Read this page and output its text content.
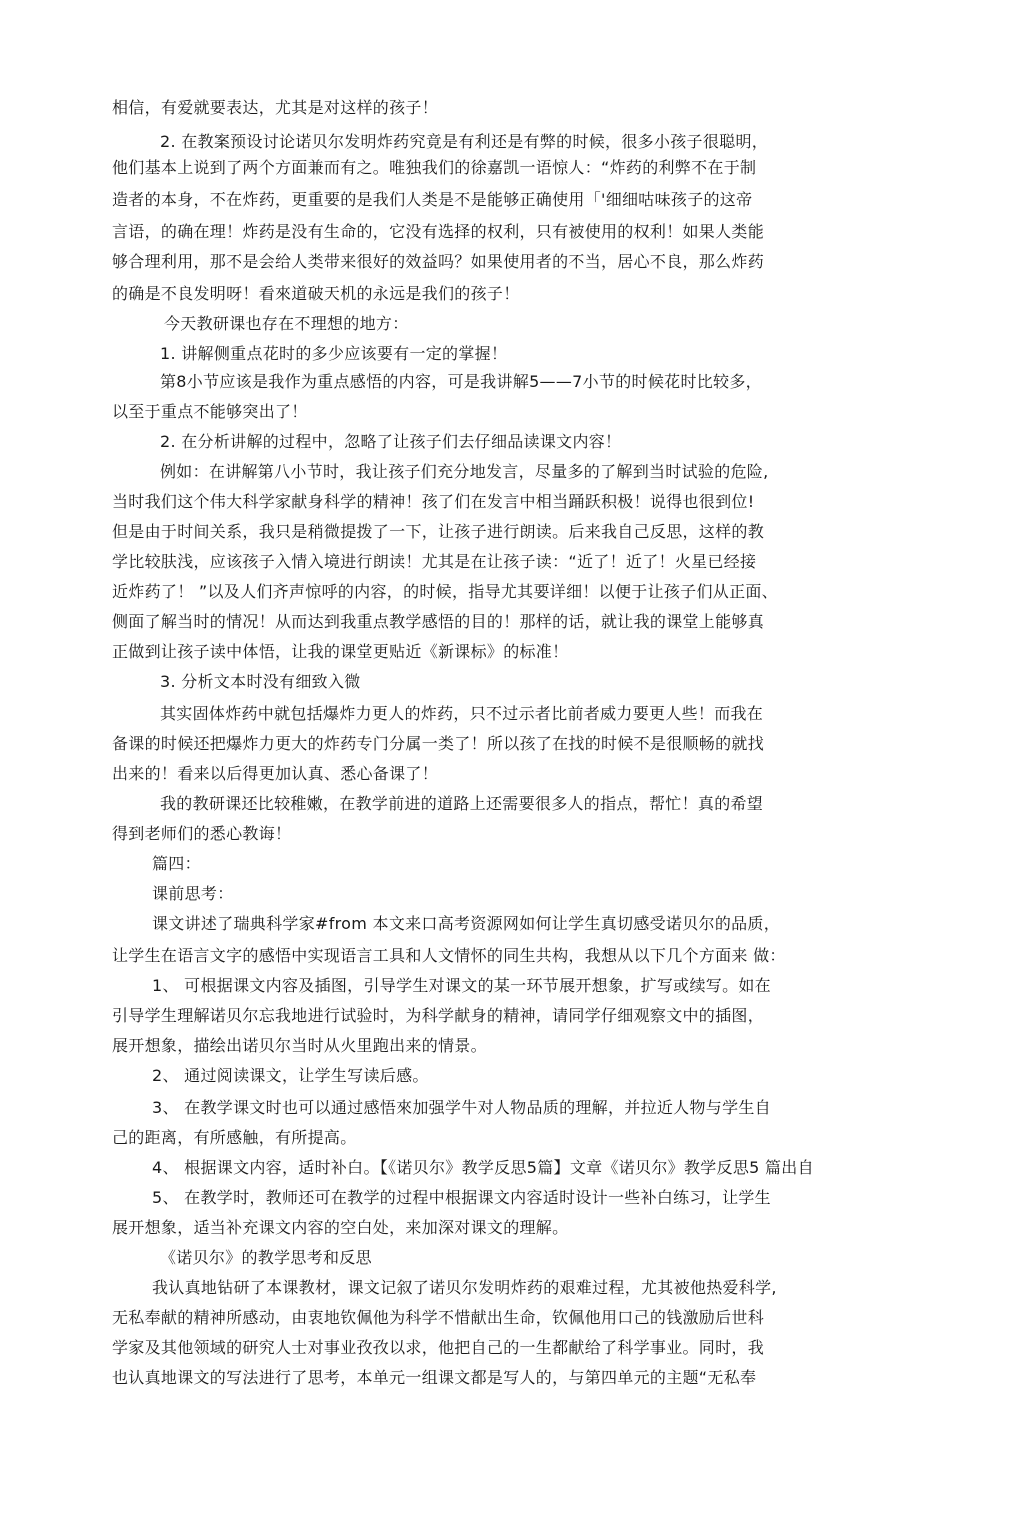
相信，有爱就要表达，尤其是对这样的孩子！
2. 在教案预设讨论诺贝尔发明炸药究竟是有利还是有弊的时候，很多小孩子很聪明，
他们基本上说到了两个方面兼而有之。唯独我们的徐嘉凯一语惊人：“炸药的利弊不在于制
造者的本身，不在炸药，更重要的是我们人类是不是能够正确使用「'细细咕味孩子的这帝
言语，的确在理！炸药是没有生命的，它没有选择的权利，只有被使用的权利！如果人类能
够合理利用，那不是会给人类带来很好的效益吗？如果使用者的不当，居心不良，那么炸药
的确是不良发明呀！看來道破天机的永远是我们的孩子！
今天教研课也存在不理想的地方：
1. 讲解侧重点花时的多少应该要有一定的掌握！
第8小节应该是我作为重点感悟的内容，可是我讲解5——7小节的时候花时比较多，
以至于重点不能够突出了！
2. 在分析讲解的过程中，忽略了让孩子们去仔细品读课文内容！
例如：在讲解第八小节时，我让孩子们充分地发言，尽量多的了解到当时试验的危险,
当时我们这个伟大科学家献身科学的精神！孩了们在发言中相当踊跃积极！说得也很到位!
但是由于时间关系，我只是稍微提拨了一下，让孩子进行朗读。后来我自己反思，这样的教
学比较肤浅，应该孩子入情入境进行朗读！尤其是在让孩子读：“近了！近了！火星已经接
近炸药了！ ”以及人们齐声惊呼的内容，的时候，指导尤其要详细！以便于让孩子们从正面、
侧面了解当时的情况！从而达到我重点教学感悟的目的！那样的话，就让我的课堂上能够真
正做到让孩子读中体悟，让我的课堂更贴近《新课标》的标准！
3. 分析文本时没有细致入微
其实固体炸药中就包括爆炸力更人的炸药，只不过示者比前者威力要更人些！而我在
备课的时候还把爆炸力更大的炸药专门分属一类了！所以孩了在找的时候不是很顺畅的就找
出来的！看来以后得更加认真、悉心备课了！
我的教研课还比较稚嫩，在教学前进的道路上还需要很多人的指点，帮忙！真的希望
得到老师们的悉心教诲！
篇四：
课前思考：
课文讲述了瑞典科学家#from 本文来口高考资源网如何让学生真切感受诺贝尔的品质，
让学生在语言文字的感悟中实现语言工具和人文情怀的同生共构，我想从以下几个方面来 做：
1、 可根据课文内容及插图，引导学生对课文的某一环节展开想象，扩写或续写。如在
引导学生理解诺贝尔忘我地进行试验时，为科学献身的精神，请同学仔细观察文中的插图，
展开想象，描绘出诺贝尔当时从火里跑出来的情景。
2、 通过阅读课文，让学生写读后感。
3、 在教学课文时也可以通过感悟來加强学牛对人物品质的理解，并拉近人物与学生自
己的距离，有所感触，有所提高。
4、 根据课文内容，适时补白。【《诺贝尔》教学反思5篇】文章《诺贝尔》教学反思5 篇出自
5、 在教学时，教师还可在教学的过程中根据课文内容适时设计一些补白练习，让学生
展开想象，适当补充课文内容的空白处，来加深对课文的理解。
《诺贝尔》的教学思考和反思
我认真地钻研了本课教材，课文记叙了诺贝尔发明炸药的艰难过程，尤其被他热爱科学,
无私奉献的精神所感动，由衷地钦佩他为科学不惜献出生命，钦佩他用口己的钱激励后世科
学家及其他领域的研究人士对事业孜孜以求，他把自己的一生都献给了科学事业。同时，我
也认真地课文的写法进行了思考，本单元一组课文都是写人的，与第四单元的主题“无私奉
